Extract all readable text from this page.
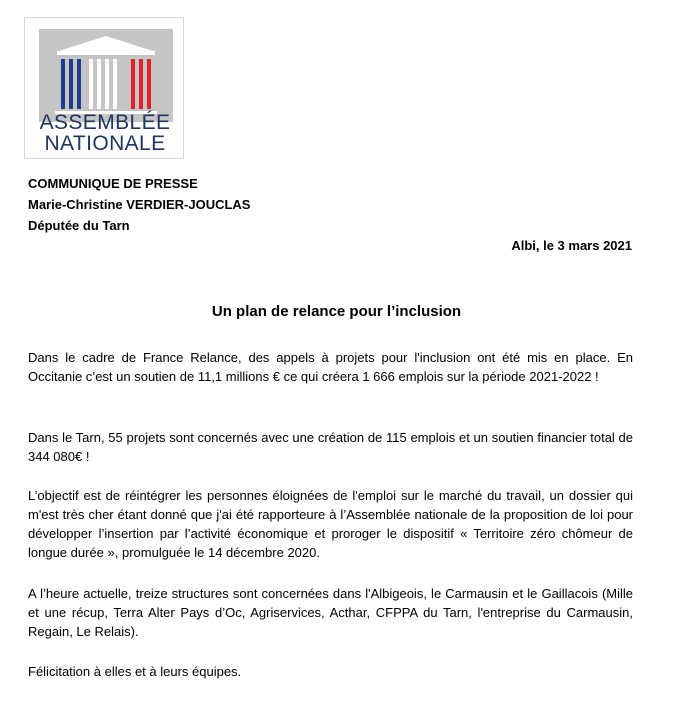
ASSEMBLÉE
NATIONALE
COMMUNIQUE DE PRESSE
Marie-Christine VERDIER-JOUCLAS
Députée du Tarn
Albi, le 3 mars 2021
Un plan de relance pour l’inclusion

Dans le cadre de France Relance, des appels à projets pour l'inclusion ont été mis en place. En Occitanie c’est un soutien de 11,1 millions € ce qui créera 1 666 emplois sur la période 2021-2022 !

Dans le Tarn, 55 projets sont concernés avec une création de 115 emplois et un soutien financier total de 344 080€ !

L’objectif est de réintégrer les personnes éloignées de l'emploi sur le marché du travail, un dossier qui m'est très cher étant donné que j'ai été rapporteure à l’Assemblée nationale de la proposition de loi pour développer l’insertion par l’activité économique et proroger le dispositif « Territoire zéro chômeur de longue durée », promulguée le 14 décembre 2020.

A l’heure actuelle, treize structures sont concernées dans l'Albigeois, le Carmausin et le Gaillacois (Mille et une récup, Terra Alter Pays d’Oc, Agriservices, Acthar, CFPPA du Tarn, l'entreprise du Carmausin, Regain, Le Relais).

Félicitation à elles et à leurs équipes.
